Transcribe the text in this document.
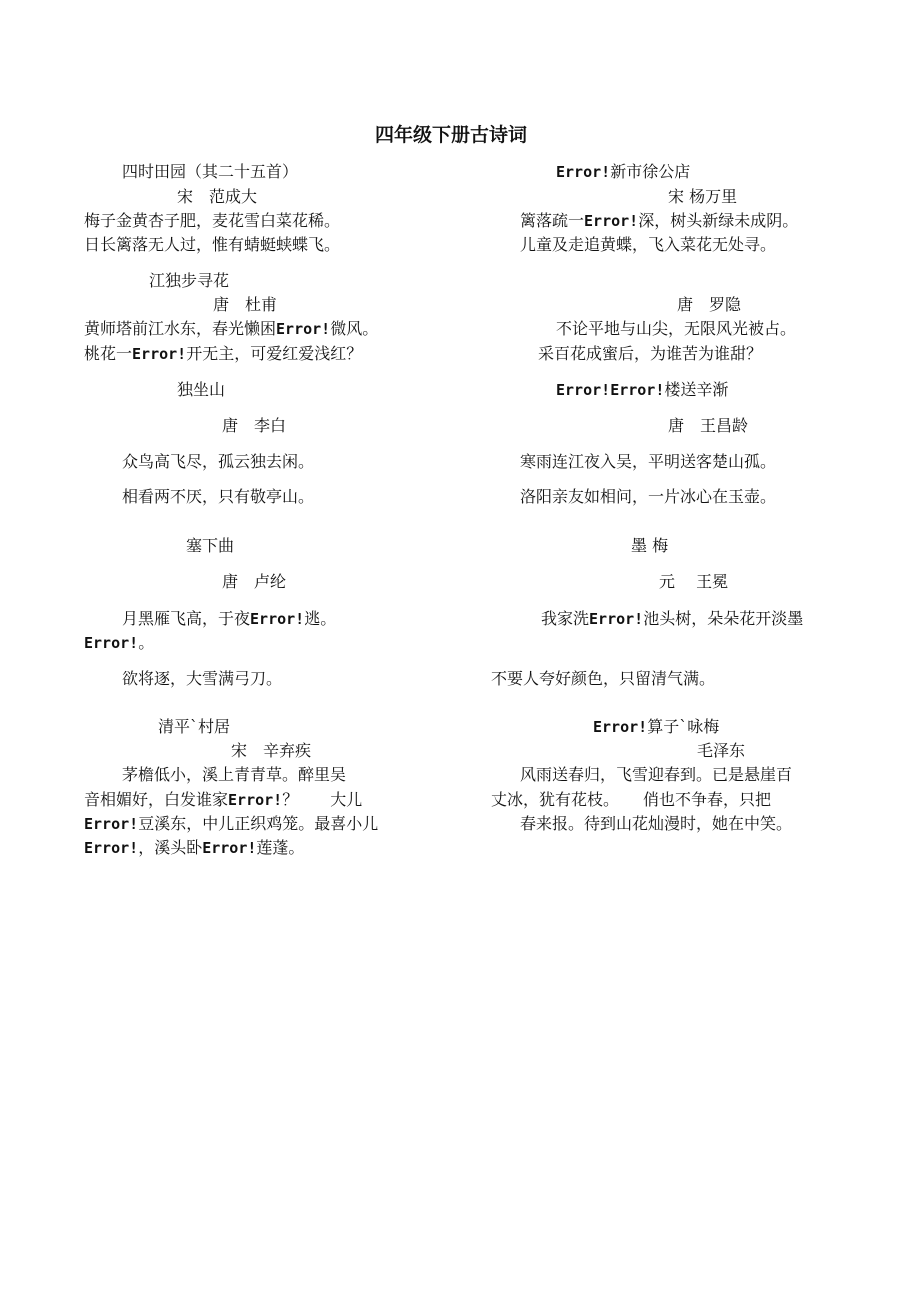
四年级下册古诗词
四时田园（其二十五首）
宋　范成大
梅子金黄杏子肥，麦花雪白菜花稀。
日长篱落无人过，惟有蜻蜓蛱蝶飞。
江独步寻花
唐　杜甫
黄师塔前江水东，春光懒困Error!微风。
桃花一Error!开无主，可爱红爱浅红？
独坐山
唐　李白
众鸟高飞尽，孤云独去闲。
相看两不厌，只有敬亭山。
塞下曲
唐　卢纶
月黑雁飞高，于夜Error!逃。
Error!。
欲将逐，大雪满弓刀。
清平ˋ村居
宋　辛弃疾
茅檐低小，溪上青青草。醉里吴
音相媚好，白发谁家Error!？　　大儿
Error!豆溪东，中儿正织鸡笼。最喜小儿
Error!，溪头卧Error!莲蓬。
Error!新市徐公店
宋 杨万里
篱落疏一Error!深，树头新绿未成阴。
儿童及走追黄蝶，飞入菜花无处寻。
唐　罗隐
不论平地与山尖，无限风光被占。
采百花成蜜后，为谁苦为谁甜？
Error!Error!楼送辛渐
唐　王昌龄
寒雨连江夜入吴，平明送客楚山孤。
洛阳亲友如相问，一片冰心在玉壶。
墨 梅
元　 王冕
我家洗Error!池头树，朵朵花开淡墨
不要人夸好颜色，只留清气满。
Error!算子ˋ咏梅
毛泽东
风雨送春归，飞雪迎春到。已是悬崖百
丈冰，犹有花枝。　　俏也不争春，只把
春来报。待到山花灿漫时，她在中笑。
